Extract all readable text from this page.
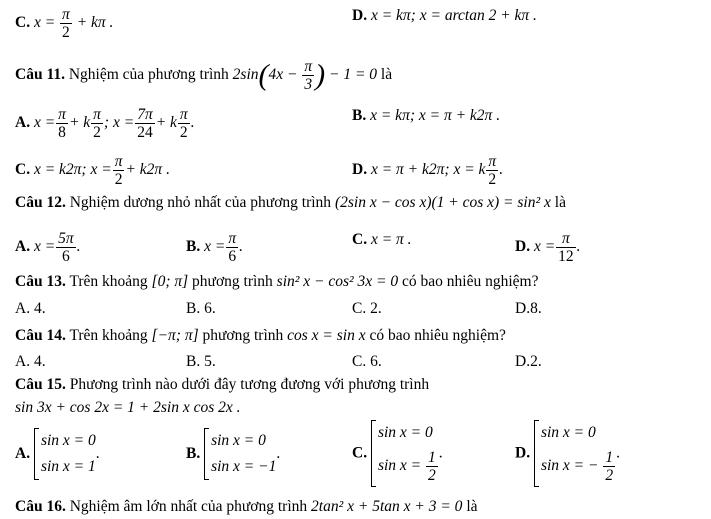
C. $x = \frac{\pi}{2} + k\pi$ .	D. x = kπ; x = arctan 2 + kπ .
Câu 11. Nghiệm của phương trình $2\sin(4x - \frac{\pi}{3}$ ) − 1 = 0 là
A. $x = \frac{\pi}{8} + k \frac{\pi}{2}$ ; $x = \frac{7\pi}{24} + k \frac{\pi}{2}$ .	B. x = kπ; x = π + k2π .
C. x = k2π; $x = \frac{\pi}{2} + k2\pi$ .	D. x = π + k2π; x = k $\frac{\pi}{2}$ .
Câu 12. Nghiệm dương nhỏ nhất của phương trình (2sin x − cos x)(1 + cos x) = sin² x là
A. $x = \frac{5\pi}{6}$ .	B. $x = \frac{\pi}{6}$ .	C. x = π .	D. $x = \frac{\pi}{12}$ .
Câu 13. Trên khoảng [0; π] phương trình sin² x − cos² 3x = 0 có bao nhiêu nghiệm?
A. 4.	B. 6.	C. 2.	D.8.
Câu 14. Trên khoảng [−π; π] phương trình cos x = sin x có bao nhiêu nghiệm?
A. 4.	B. 5.	C. 6.	D.2.
Câu 15. Phương trình nào dưới đây tương đương với phương trình
sin 3x + cos 2x = 1 + 2sin x cos 2x .
A.
sin x = 0
sin x = 1
.	B.
sin x = 0
sin x = −1
.	C.
sin x = 0
$\sin x = \frac{1}{2}$ .	D.
sin x = 0
sin x = − $\frac{1}{2}$ .
Câu 16. Nghiệm âm lớn nhất của phương trình 2tan² x + 5tan x + 3 = 0 là
